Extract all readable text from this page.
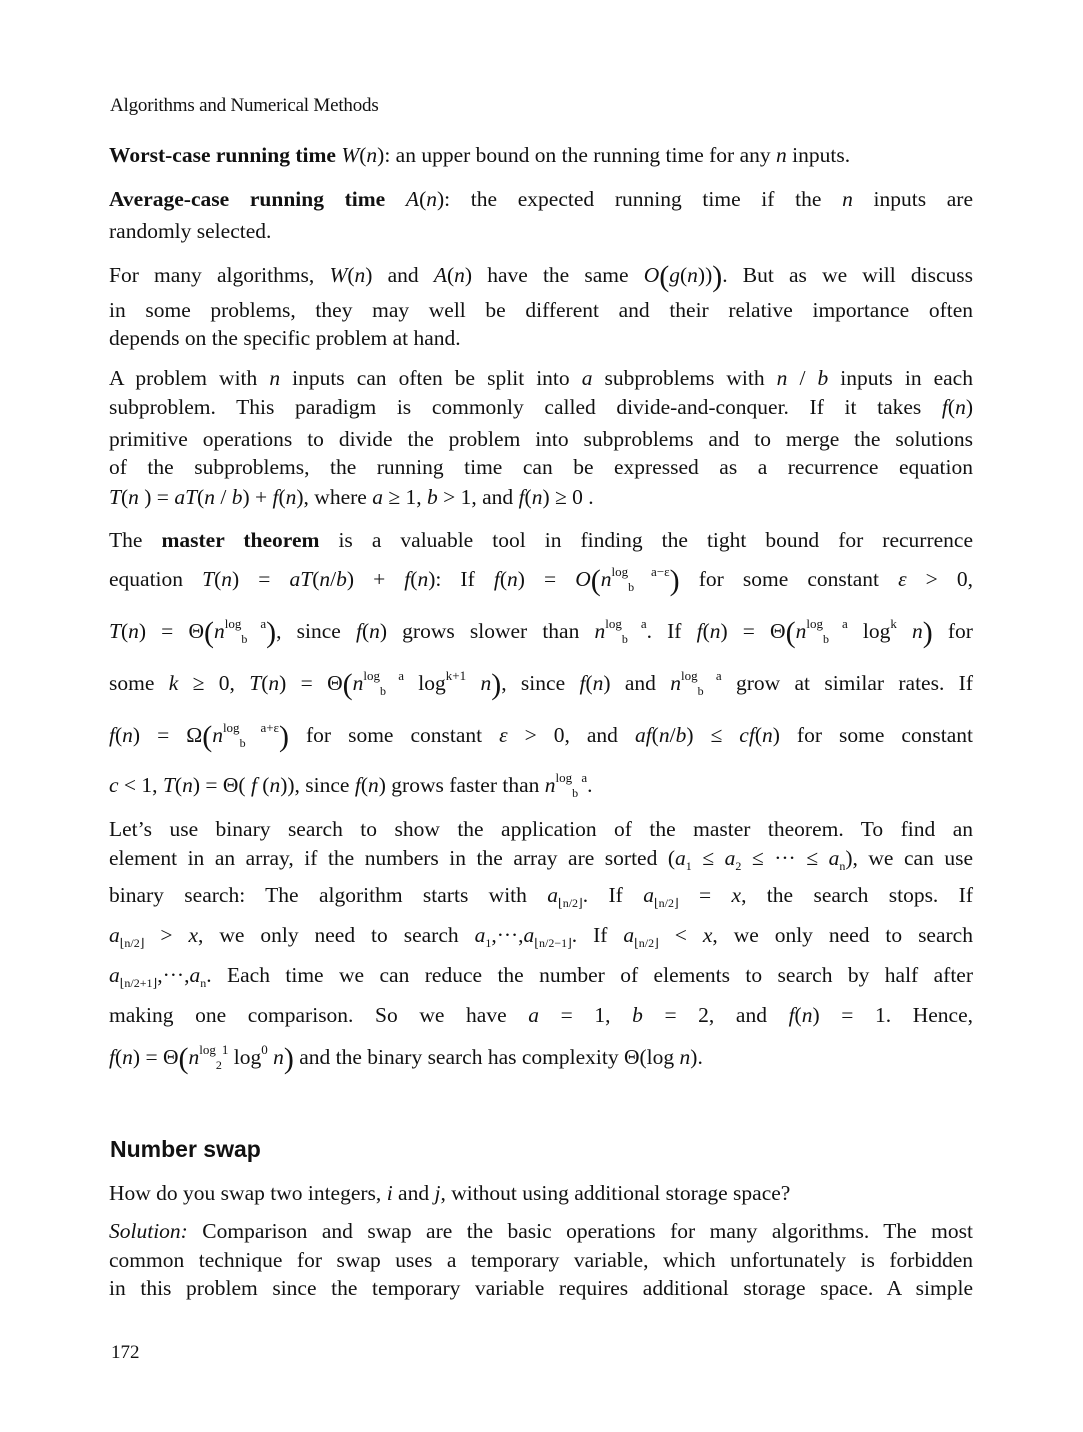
Algorithms and Numerical Methods
Worst-case running time W(n): an upper bound on the running time for any n inputs.
Average-case running time A(n): the expected running time if the n inputs are
randomly selected.
For many algorithms, W(n) and A(n) have the same O(g(n))). But as we will discuss
in some problems, they may well be different and their relative importance often
depends on the specific problem at hand.
A problem with n inputs can often be split into a subproblems with n / b inputs in each
subproblem. This paradigm is commonly called divide-and-conquer. If it takes f(n)
primitive operations to divide the problem into subproblems and to merge the solutions
of the subproblems, the running time can be expressed as a recurrence equation
T(n ) = aT(n / b) + f(n), where a ≥ 1, b > 1, and f(n) ≥ 0 .
The master theorem is a valuable tool in finding the tight bound for recurrence
equation T(n) = aT(n/b) + f(n): If $f(n) = O(n^{log}_b$ $^{a-\varepsilon}$) for some constant ε > 0,
$T(n) = \Theta(n^{log}_b$ $^a$), since f(n) grows slower than $n^{log}_b$ $^a$. If $f(n) = \Theta(n^{log}_b$ $^a$ $\log^k n$) for
some k ≥ 0, $T(n) = \Theta(n^{log}_b$ $^a$ $\log^{k+1} n$), since f(n) and $n^{log}_b$ $^a$ grow at similar rates. If
$f(n) = \Omega(n^{log}_b$ $^{a+\varepsilon}$) for some constant ε > 0, and af(n/b) ≤ cf(n) for some constant
c < 1, T(n) = Θ( f (n)), since f(n) grows faster than $n^{log}_b$ $^a$.
Let’s use binary search to show the application of the master theorem. To find an
element in an array, if the numbers in the array are sorted ($a_1 \le a_2$ ≤ ··· ≤ $a_n$), we can use
binary search: The algorithm starts with $a_{⌊n/2⌋}$. If $a_{⌊n/2⌋} = x$, the search stops. If
$a_{⌊n/2⌋} > x$, we only need to search $a_1,\cdot\cdot\cdot,a_{⌊n/2-1⌋}$. If $a_{⌊n/2⌋} < x$, we only need to search
$a_{⌊n/2+1⌋},\cdot\cdot\cdot,a_n$. Each time we can reduce the number of elements to search by half after
making one comparison. So we have a = 1, b = 2, and f(n) = 1. Hence,
$f(n) = \Theta(n^{log}_2^1$ $\log^0 n$) and the binary search has complexity Θ(log n).
How do you swap two integers, i and j, without using additional storage space?
Solution: Comparison and swap are the basic operations for many algorithms. The most
common technique for swap uses a temporary variable, which unfortunately is forbidden
in this problem since the temporary variable requires additional storage space. A simple
Number swap
172
